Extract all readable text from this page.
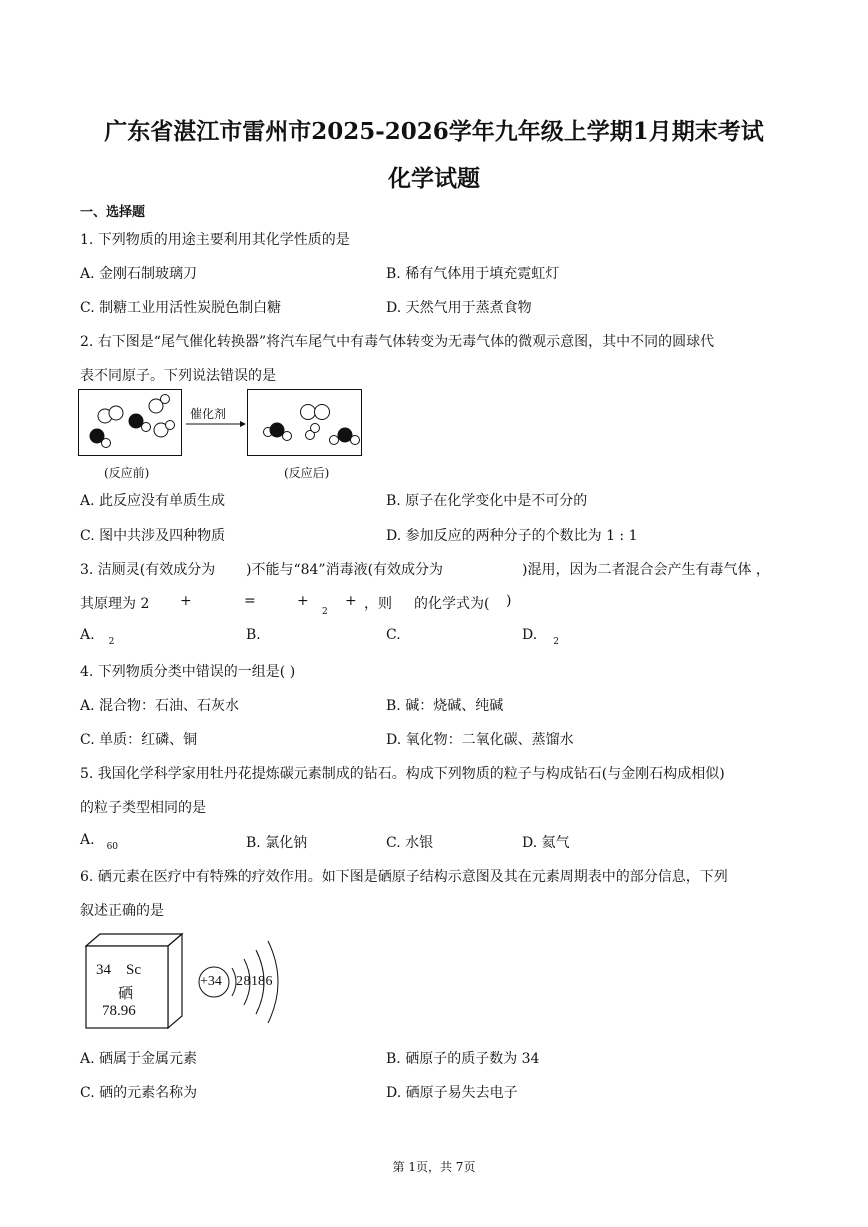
广东省湛江市雷州市2025-2026学年九年级上学期1月期末考试
化学试题
一、选择题
1. 下列物质的用途主要利用其化学性质的是
A. 金刚石制玻璃刀	B. 稀有气体用于填充霓虹灯
C. 制糖工业用活性炭脱色制白糖	D. 天然气用于蒸煮食物
2. 右下图是“尾气催化转换器”将汽车尾气中有毒气体转变为无毒气体的微观示意图，其中不同的圆球代
表不同原子。下列说法错误的是
催化剂
(反应前)	(反应后)
A. 此反应没有单质生成	B. 原子在化学变化中是不可分的
C. 图中共涉及四种物质	D. 参加反应的两种分子的个数比为 1 : 1
3. 洁厕灵(有效成分为 )不能与“84”消毒液(有效成分为	)混用，因为二者混合会产生有毒气体 ，
其原理为 2 +	=	+
$_2$
+ ，则 的化学式为( )
A. $_2$	B.	C.	D. $_2$
4. 下列物质分类中错误的一组是( )
A. 混合物：石油、石灰水	B. 碱：烧碱、纯碱
C. 单质：红磷、铜	D. 氧化物：二氧化碳、蒸馏水
5. 我国化学科学家用牡丹花提炼碳元素制成的钻石。构成下列物质的粒子与构成钻石(与金刚石构成相似)
的粒子类型相同的是
A. $_{60}$	B. 氯化钠	C. 水银	D. 氦气
6. 硒元素在医疗中有特殊的疗效作用。如下图是硒原子结构示意图及其在元素周期表中的部分信息，下列
叙述正确的是
34 Sc
硒
78.96
+34 2 8 18 6
A. 硒属于金属元素	B. 硒原子的质子数为 34
C. 硒的元素名称为	D. 硒原子易失去电子
第 1页，共 7页
